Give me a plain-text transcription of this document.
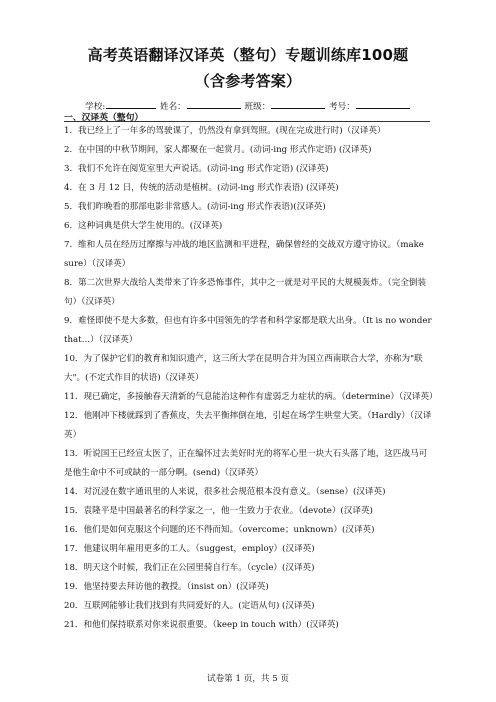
高考英语翻译汉译英（整句）专题训练库100题
（含参考答案）
学校:	姓名：	班级：	考号：
一、汉译英（整句）

1．我已经上了一年多的驾驶课了，仍然没有拿到驾照。(现在完成进行时)（汉译英）

2．在中国的中秋节期间，家人都聚在一起赏月。(动词-ing 形式作定语) (汉译英)

3．我们不允许在阅览室里大声说话。(动词-ing 形式作定语) (汉译英)

4．在 3 月 12 日，传统的活动是植树。(动词-ing 形式作表语) (汉译英)

5．我们昨晚看的那部电影非常感人。(动词-ing 形式作表语)(汉译英)

6．这种词典是供大学生使用的。(汉译英)

7．维和人员在经历过摩擦与冲战的地区监测和平进程，确保曾经的交战双方遵守协议。（make sure）（汉译英）

8．第二次世界大战给人类带来了许多恐怖事件，其中之一就是对平民的大规模轰炸。（完全倒装句）（汉译英）

9．难怪即使不是大多数，但也有许多中国领先的学者和科学家都是联大出身。（It is no wonder that…）（汉译英）

10．为了保护它们的教育和知识遗产，这三所大学在昆明合并为国立西南联合大学，亦称为"联大"。(不定式作目的状语)（汉译英）

11．现已确定，多接触春天清新的气息能治这种作有虚弱乏力症状的病。（determine）（汉译英）

12．他刚冲下楼就踩到了香蕉皮，失去平衡摔倒在地，引起在场学生哄堂大笑。（Hardly）（汉译英）

13．听说国王已经宣太医了，正在编怀过去美好时光的将军心里一块大石头落了地，这匹战马可是他生命中不可或缺的一部分啊。(send)（汉译英）

14．对沉浸在数字通讯里的人来说，很多社会规范根本没有意义。（sense）(汉译英)

15．袁隆平是中国最著名的科学家之一，他一生致力于农业。（devote）(汉译英)

16．他们是如何克服这个问题的还不得而知。（overcome；unknown）(汉译英)

17．他建议明年雇用更多的工人。（suggest，employ）(汉译英)

18．明天这个时候，我们正在公园里骑自行车。（cycle）(汉译英)

19．他坚持要去拜访他的教授。（insist on）(汉译英)

20．互联网能够让我们找到有共同爱好的人。(定语从句) (汉译英)

21．和他们保持联系对你来说很重要。（keep in touch with）(汉译英)

试卷第 1 页，共 5 页
